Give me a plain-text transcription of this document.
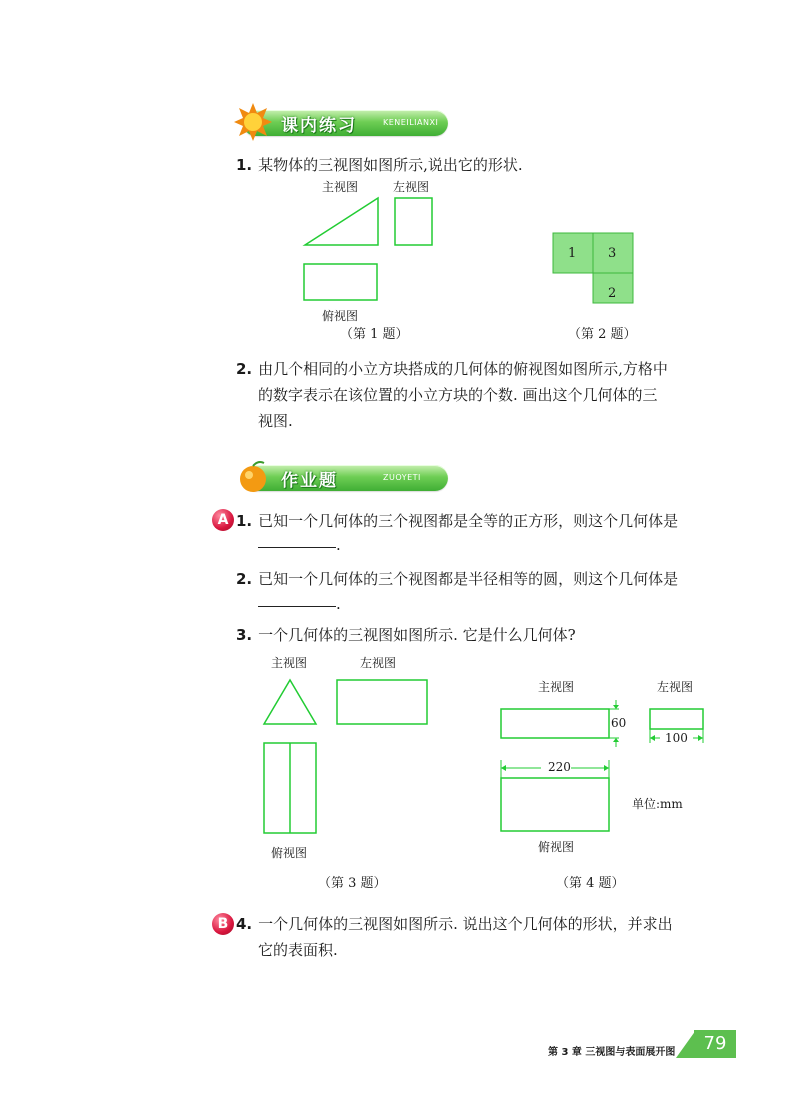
课内练习	KENEILIANXI
1. 某物体的三视图如图所示,说出它的形状.
主视图	左视图
俯视图
（第 1 题）
1 3
2
（第 2 题）
2. 由几个相同的小立方块搭成的几何体的俯视图如图所示,方格中
的数字表示在该位置的小立方块的个数. 画出这个几何体的三
视图.
作业题	ZUOYETI
A 1. 已知一个几何体的三个视图都是全等的正方形，则这个几何体是
.
2. 已知一个几何体的三个视图都是半径相等的圆，则这个几何体是
.
3. 一个几何体的三视图如图所示. 它是什么几何体?
主视图	左视图
俯视图
（第 3 题）
主视图	左视图
60
100
220
单位:mm
俯视图
（第 4 题）
B 4. 一个几何体的三视图如图所示. 说出这个几何体的形状，并求出
它的表面积.
第 3 章 三视图与表面展开图	79
